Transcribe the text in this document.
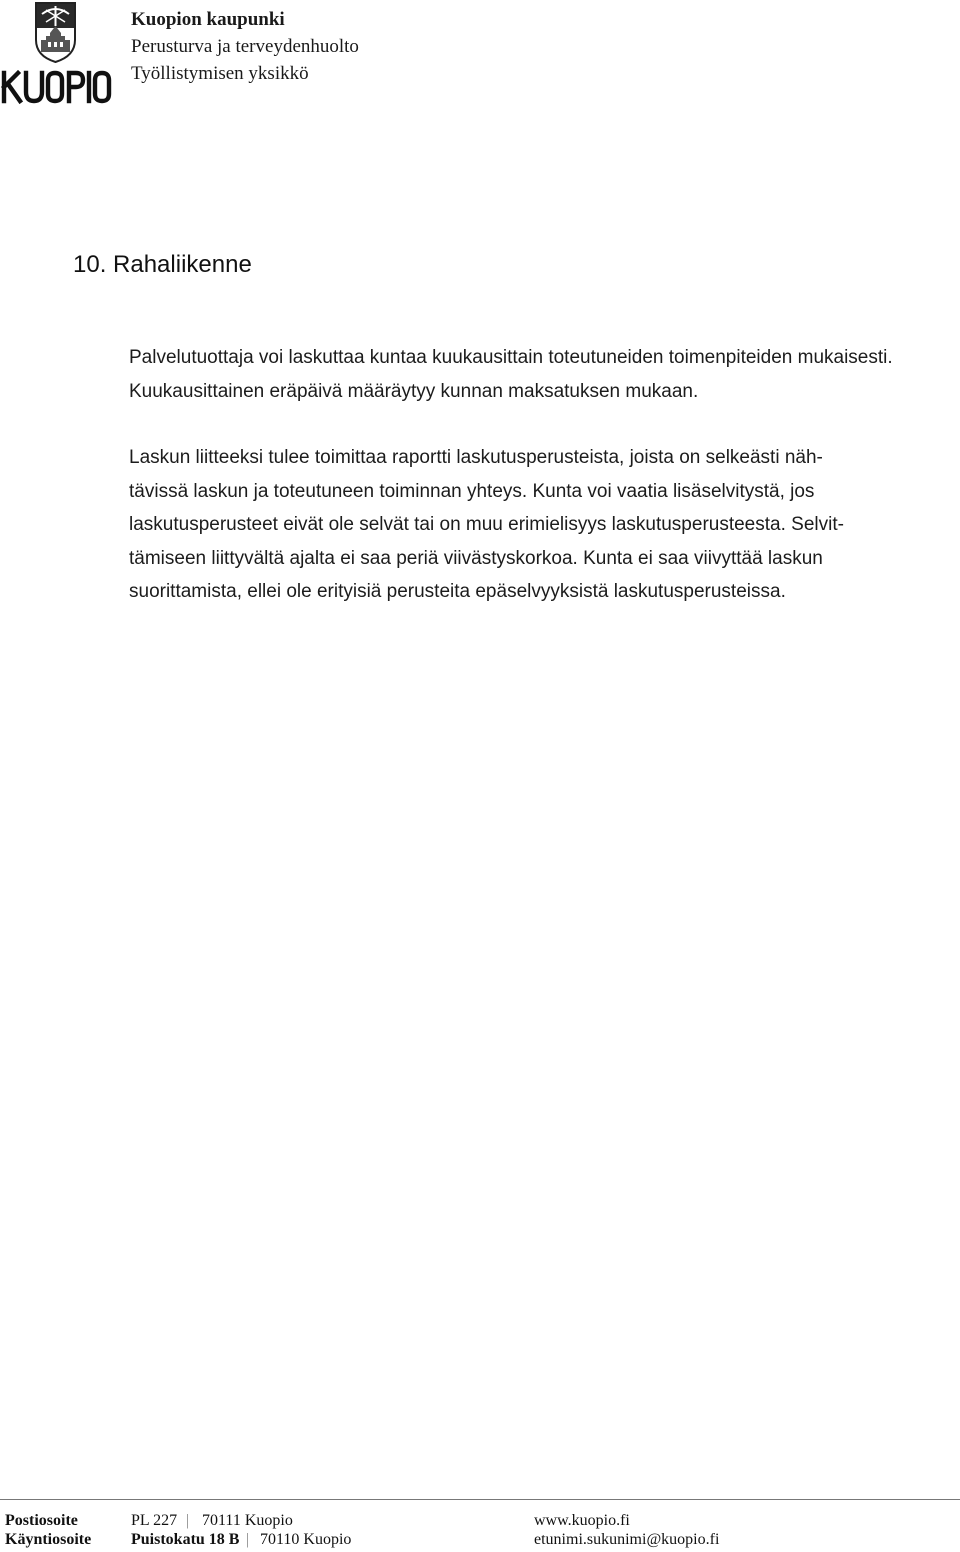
Kuopion kaupunki
Perusturva ja terveydenhuolto
Työllistymisen yksikkö
10. Rahaliikenne

Palvelutuottaja voi laskuttaa kuntaa kuukausittain toteutuneiden toimenpiteiden mukaisesti. Kuukausittainen eräpäivä määräytyy kunnan maksatuksen mukaan.

Laskun liitteeksi tulee toimittaa raportti laskutusperusteista, joista on selkeästi näh-
tävissä laskun ja toteutuneen toiminnan yhteys. Kunta voi vaatia lisäselvitystä, jos
laskutusperusteet eivät ole selvät tai on muu erimielisyys laskutusperusteesta. Selvit-
tämiseen liittyvältä ajalta ei saa periä viivästyskorkoa. Kunta ei saa viivyttää laskun
suorittamista, ellei ole erityisiä perusteita epäselvyyksistä laskutusperusteissa.

Postiosoite	PL 227 | 70111 Kuopio	www.kuopio.fi
Käyntiosoite Puistokatu 18 B | 70110 Kuopio	etunimi.sukunimi@kuopio.fi
